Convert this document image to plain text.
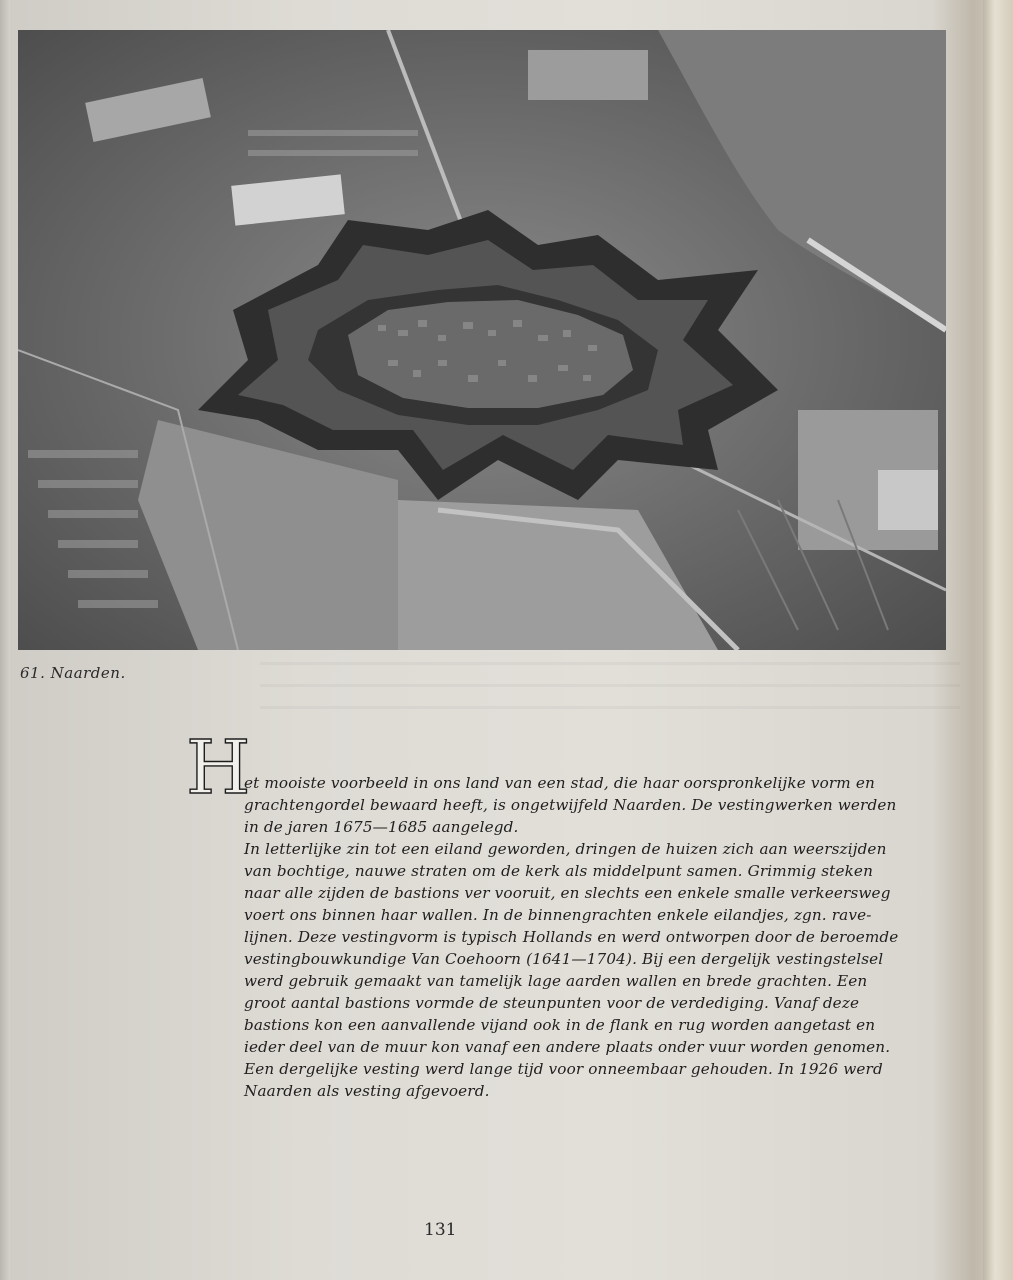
61. Naarden.
H
et mooiste voorbeeld in ons land van een stad, die haar oorspronkelijke vorm en
grachtengordel bewaard heeft, is ongetwijfeld Naarden. De vestingwerken werden
in de jaren 1675—1685 aangelegd.
In letterlijke zin tot een eiland geworden, dringen de huizen zich aan weerszijden
van bochtige, nauwe straten om de kerk als middelpunt samen. Grimmig steken
naar alle zijden de bastions ver vooruit, en slechts een enkele smalle verkeersweg
voert ons binnen haar wallen. In de binnengrachten enkele eilandjes, zgn. rave-
lijnen. Deze vestingvorm is typisch Hollands en werd ontworpen door de beroemde
vestingbouwkundige Van Coehoorn (1641—1704). Bij een dergelijk vestingstelsel
werd gebruik gemaakt van tamelijk lage aarden wallen en brede grachten. Een
groot aantal bastions vormde de steunpunten voor de verdediging. Vanaf deze
bastions kon een aanvallende vijand ook in de flank en rug worden aangetast en
ieder deel van de muur kon vanaf een andere plaats onder vuur worden genomen.
Een dergelijke vesting werd lange tijd voor onneembaar gehouden. In 1926 werd
Naarden als vesting afgevoerd.
131
